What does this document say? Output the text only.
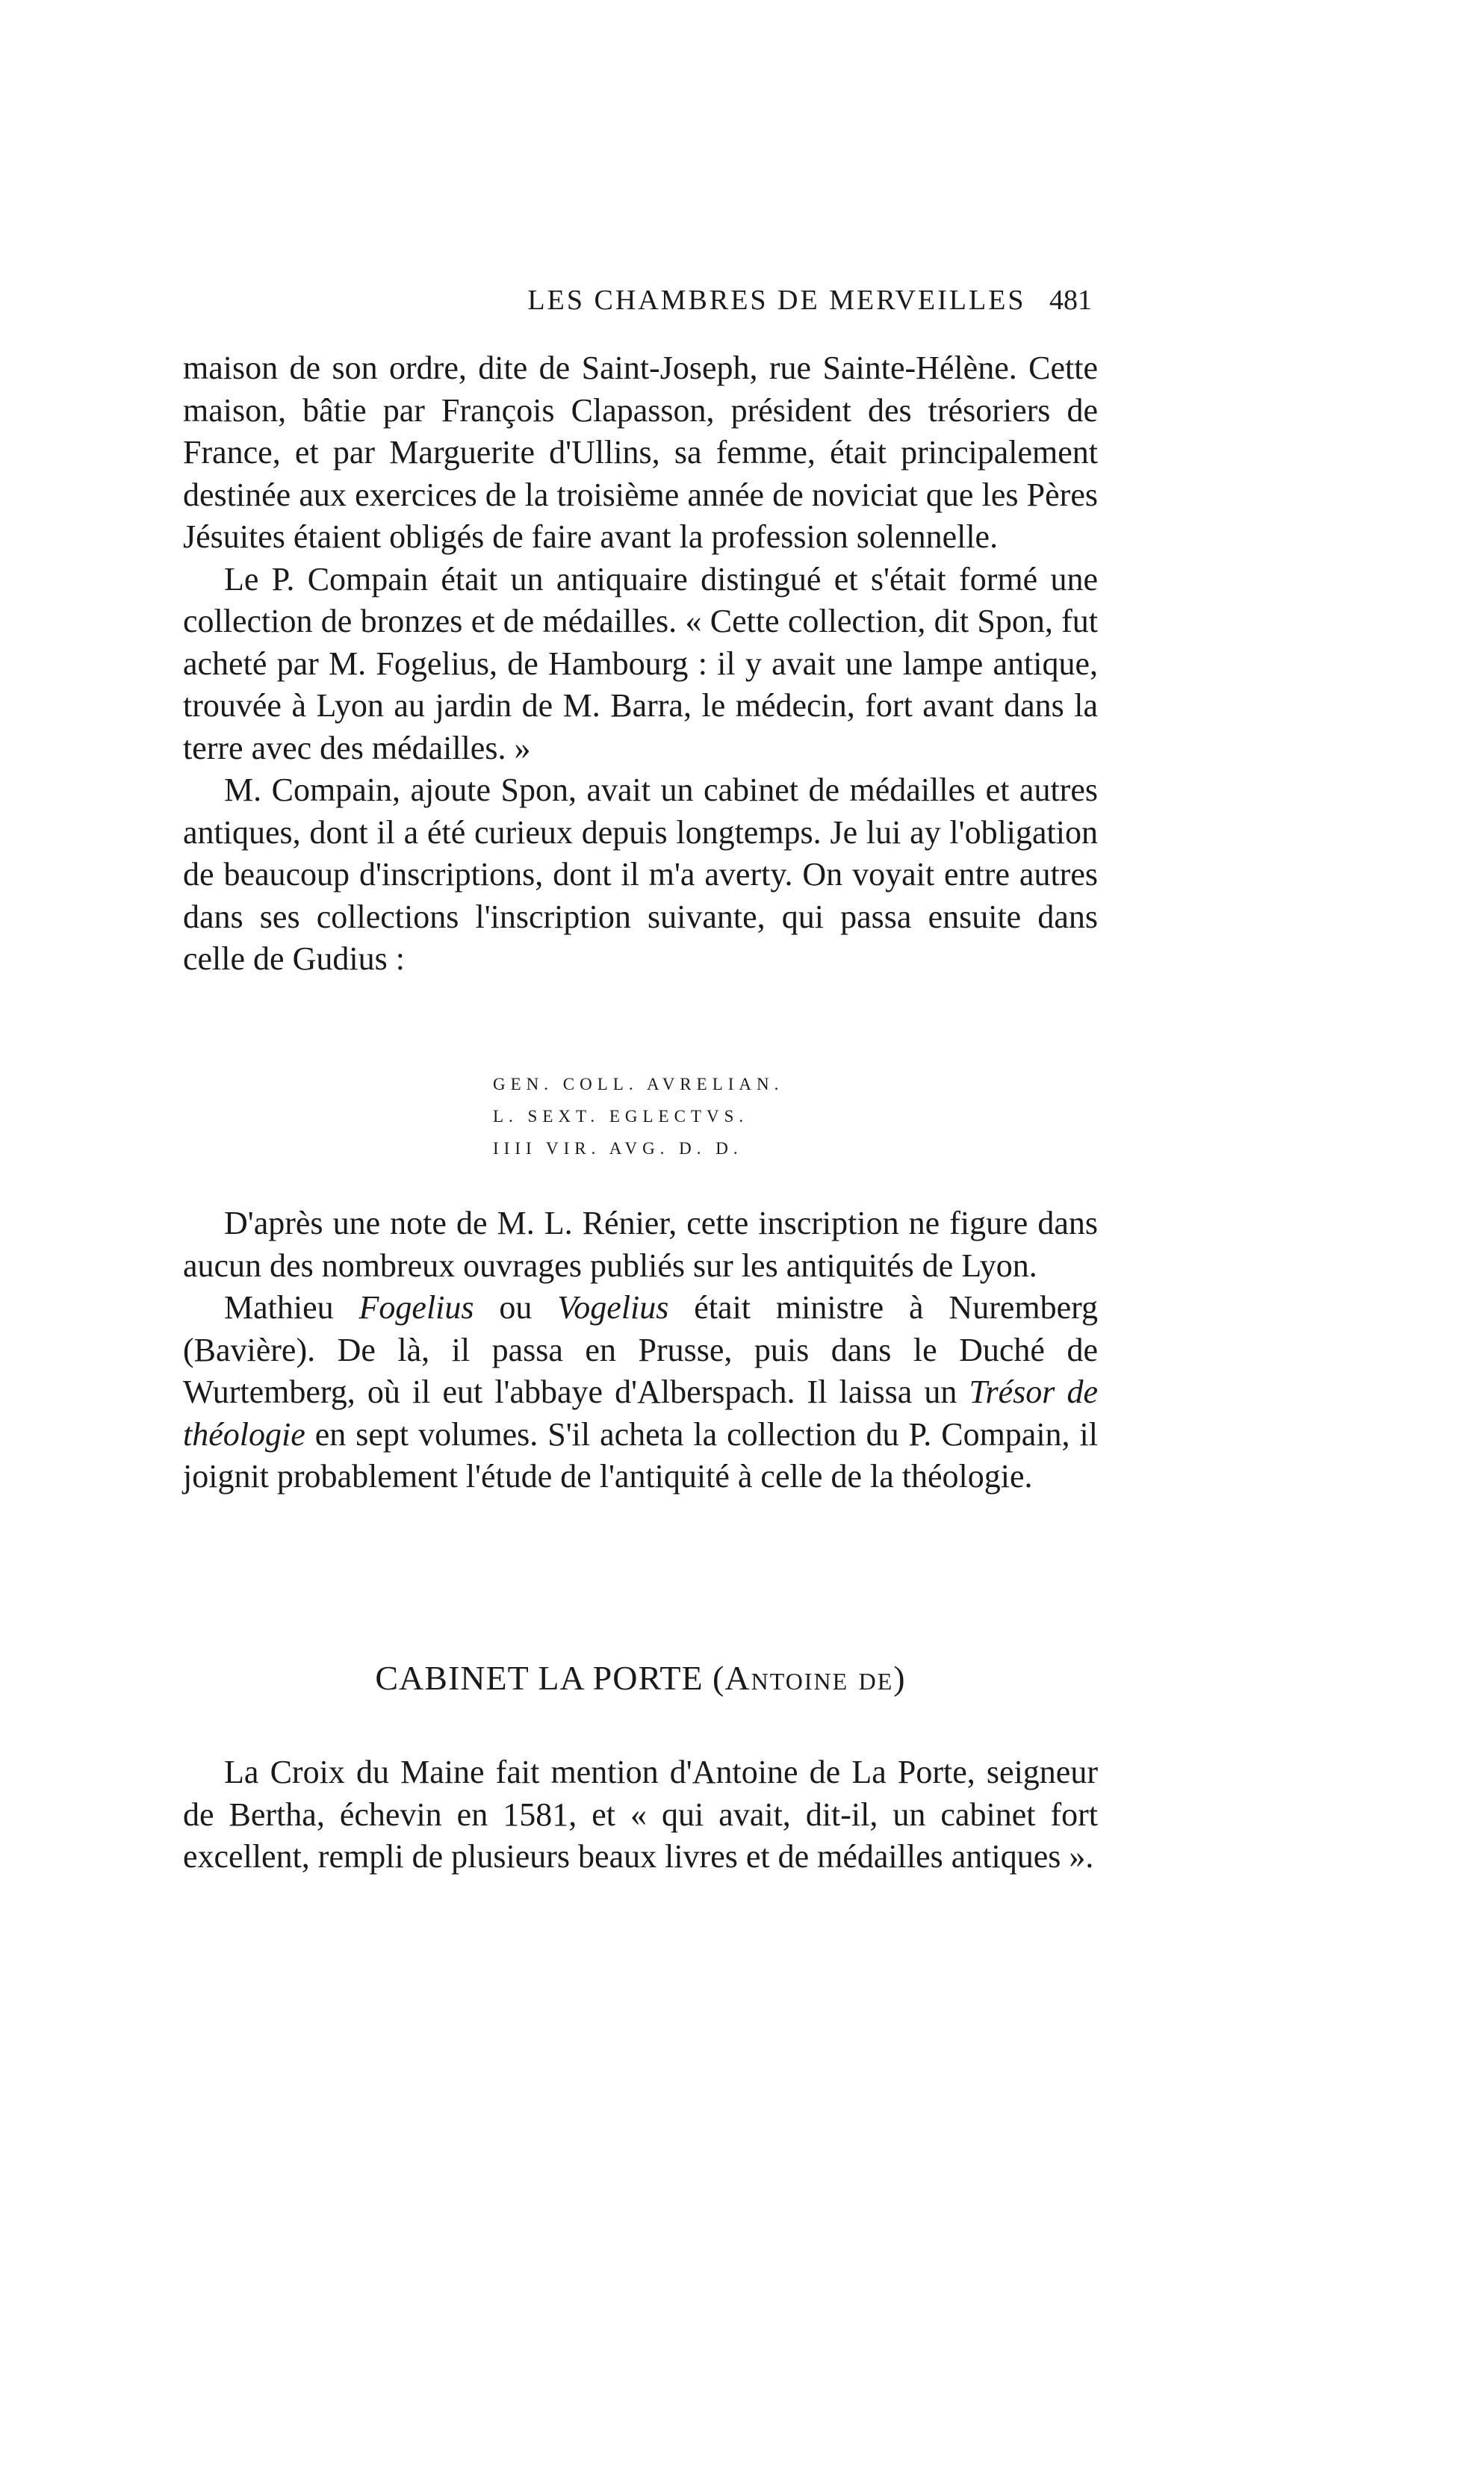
LES CHAMBRES DE MERVEILLES 481

maison de son ordre, dite de Saint-Joseph, rue Sainte-Hélène. Cette maison, bâtie par François Clapasson, président des trésoriers de France, et par Marguerite d'Ullins, sa femme, était principalement destinée aux exercices de la troisième année de noviciat que les Pères Jésuites étaient obligés de faire avant la profession solennelle.

Le P. Compain était un antiquaire distingué et s'était formé une collection de bronzes et de médailles. « Cette collection, dit Spon, fut acheté par M. Fogelius, de Hambourg : il y avait une lampe antique, trouvée à Lyon au jardin de M. Barra, le médecin, fort avant dans la terre avec des médailles. »

M. Compain, ajoute Spon, avait un cabinet de médailles et autres antiques, dont il a été curieux depuis longtemps. Je lui ay l'obligation de beaucoup d'inscriptions, dont il m'a averty. On voyait entre autres dans ses collections l'inscription suivante, qui passa ensuite dans celle de Gudius :

GEN. COLL. AVRELIAN.
L. SEXT. EGLECTVS.
IIII VIR. AVG. D. D.

D'après une note de M. L. Rénier, cette inscription ne figure dans aucun des nombreux ouvrages publiés sur les antiquités de Lyon.

Mathieu Fogelius ou Vogelius était ministre à Nuremberg (Bavière). De là, il passa en Prusse, puis dans le Duché de Wurtemberg, où il eut l'abbaye d'Alberspach. Il laissa un Trésor de théologie en sept volumes. S'il acheta la collection du P. Compain, il joignit probablement l'étude de l'antiquité à celle de la théologie.

CABINET LA PORTE (Antoine de)

La Croix du Maine fait mention d'Antoine de La Porte, seigneur de Bertha, échevin en 1581, et « qui avait, dit-il, un cabinet fort excellent, rempli de plusieurs beaux livres et de médailles antiques ».
